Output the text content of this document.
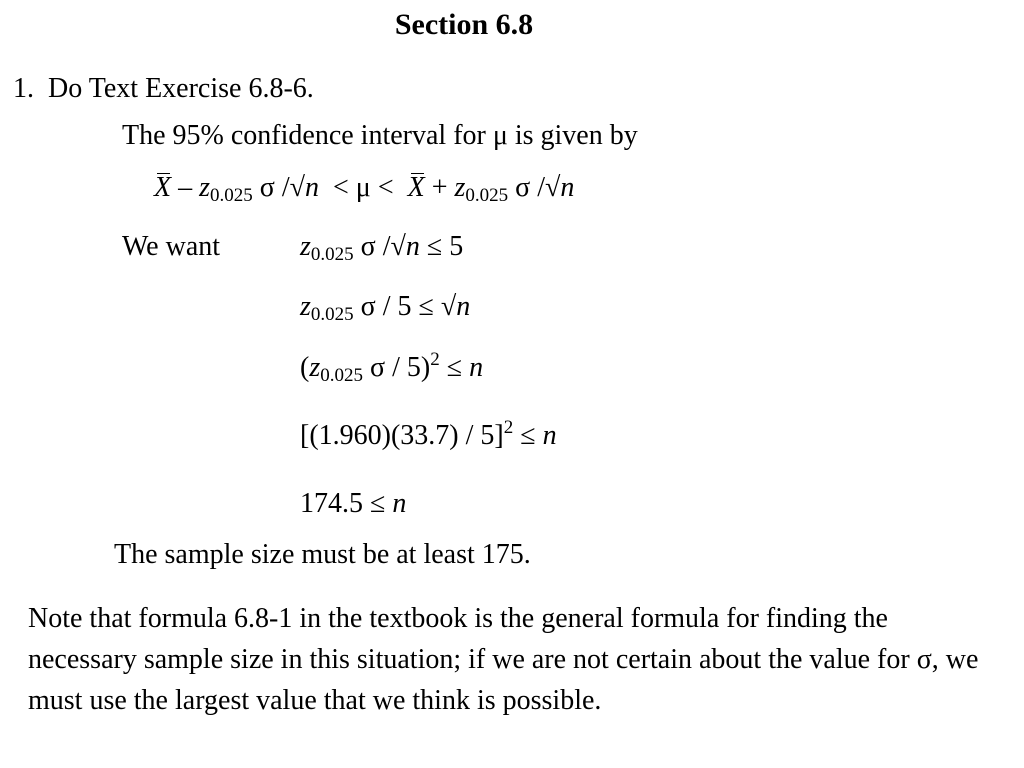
Section 6.8
1. Do Text Exercise 6.8-6.
The 95% confidence interval for μ is given by
X – $z_{0.025}$ σ $/√n < \mu < X + z_{0.025}$ σ /√n
We want	$z_{0.025}$ σ /√n ≤ 5
$z_{0.025}$ σ / 5 ≤ √n
($z_{0.025}$ σ / 5)$^2$ ≤ n
[(1.960)(33.7) / 5]$^2$ ≤ n
174.5 ≤ n
The sample size must be at least 175.
Note that formula 6.8-1 in the textbook is the general formula for finding the necessary sample size in this situation; if we are not certain about the value for σ, we must use the largest value that we think is possible.
